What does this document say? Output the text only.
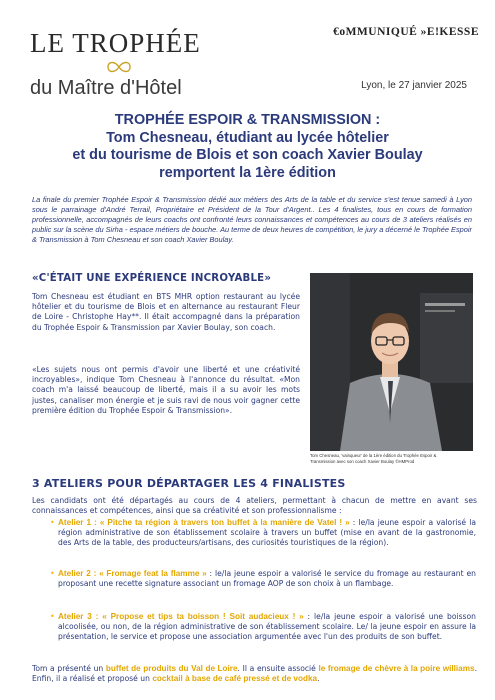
LE TROPHÉE
du Maître d'Hôtel
€oMMUNIQUÉ »E!KESSE
Lyon, le 27 janvier 2025
TROPHÉE ESPOIR & TRANSMISSION :
Tom Chesneau, étudiant au lycée hôtelier
et du tourisme de Blois et son coach Xavier Boulay
remportent la 1ère édition
La finale du premier Trophée Espoir & Transmission dédié aux métiers des Arts de la table et du service s'est tenue samedi à Lyon sous le parrainage d'André Terrail, Propriétaire et Président de la Tour d'Argent.. Les 4 finalistes, tous en cours de formation professionnelle, accompagnés de leurs coachs ont confronté leurs connaissances et compétences au cours de 3 ateliers réalisés en public sur la scène du Sirha - espace métiers de bouche. Au terme de deux heures de compétition, le jury a décerné le Trophée Espoir & Transmission à Tom Chesneau et son coach Xavier Boulay.
«C'ÉTAIT UNE EXPÉRIENCE INCROYABLE»
Tom Chesneau est étudiant en BTS MHR option restaurant au lycée hôtelier et du tourisme de Blois et en alternance au restaurant Fleur de Loire - Christophe Hay**. Il était accompagné dans la préparation du Trophée Espoir & Transmission par Xavier Boulay, son coach.
«Les sujets nous ont permis d'avoir une liberté et une créativité incroyables», indique Tom Chesneau à l'annonce du résultat. «Mon coach m'a laissé beaucoup de liberté, mais il a su avoir les mots justes, canaliser mon énergie et je suis ravi de nous voir gagner cette première édition du Trophée Espoir & Transmission».
Tom Chesneau, 'vainqueur' de la 1ère édition du Trophée Espoir &
Transmission avec son coach Xavier Boulay ©HMProd
3 ATELIERS POUR DÉPARTAGER LES 4 FINALISTES
Les candidats ont été départagés au cours de 4 ateliers, permettant à chacun de mettre en avant ses connaissances et compétences, ainsi que sa créativité et son professionnalisme :
• Atelier 1 : « Pitche ta région à travers ton buffet à la manière de Vatel ! » : le/la jeune espoir a valorisé la région administrative de son établissement scolaire à travers un buffet (mise en avant de la gastronomie, des Arts de la table, des producteurs/artisans, des curiosités touristiques de la région).
• Atelier 2 : « Fromage feat la flamme » : le/la jeune espoir a valorisé le service du fromage au restaurant en proposant une recette signature associant un fromage AOP de son choix à un flambage.
• Atelier 3 : « Propose et tips ta boisson ! Soit audacieux ! » : le/la jeune espoir a valorisé une boisson alcoolisée, ou non, de la région administrative de son établissement scolaire. Le/ la jeune espoir en assure la présentation, le service et propose une association argumentée avec l'un des produits de son buffet.
Tom a présenté un buffet de produits du Val de Loire. Il a ensuite associé le fromage de chèvre à la poire williams. Enfin, il a réalisé et proposé un cocktail à base de café pressé et de vodka.
